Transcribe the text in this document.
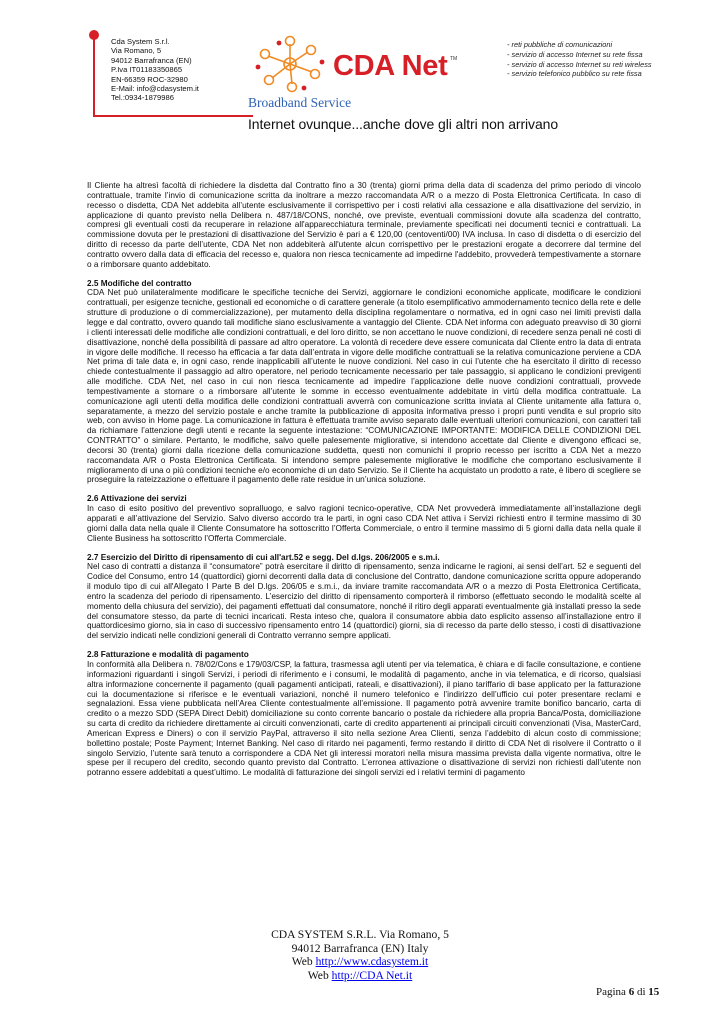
Cda System S.r.l.
Via Romano, 5
94012 Barrafranca (EN)
P.Iva IT01183350865
EN-66359 ROC-32980
E-Mail: info@cdasystem.it
Tel.:0934-1879986
CDA Net TM
Broadband Service
Internet ovunque...anche dove gli altri non arrivano
- reti pubbliche di comunicazioni
- servizio di accesso Internet su rete fissa
- servizio di accesso Internet su reti wireless
- servizio telefonico pubblico su rete fissa

Il Cliente ha altresì facoltà di richiedere la disdetta dal Contratto fino a 30 (trenta) giorni prima della data di scadenza del primo periodo di vincolo contrattuale, tramite l’invio di comunicazione scritta da inoltrare a mezzo raccomandata A/R o a mezzo di Posta Elettronica Certificata. In caso di recesso o disdetta, CDA Net addebita all’utente esclusivamente il corrispettivo per i costi relativi alla cessazione e alla disattivazione del servizio, in applicazione di quanto previsto nella Delibera n. 487/18/CONS, nonché, ove previste, eventuali commissioni dovute alla scadenza del contratto, compresi gli eventuali costi da recuperare in relazione all'apparecchiatura terminale, previamente specificati nei documenti tecnici e contrattuali. La commissione dovuta per le prestazioni di disattivazione del Servizio è pari a € 120,00 (centoventi/00) IVA inclusa. In caso di disdetta o di esercizio del diritto di recesso da parte dell’utente, CDA Net non addebiterà all'utente alcun corrispettivo per le prestazioni erogate a decorrere dal termine del contratto ovvero dalla data di efficacia del recesso e, qualora non riesca tecnicamente ad impedirne l'addebito, provvederà tempestivamente a stornare o a rimborsare quanto addebitato.

2.5 Modifiche del contratto

CDA Net può unilateralmente modificare le specifiche tecniche dei Servizi, aggiornare le condizioni economiche applicate, modificare le condizioni contrattuali, per esigenze tecniche, gestionali ed economiche o di carattere generale (a titolo esemplificativo ammodernamento tecnico della rete e delle strutture di produzione o di commercializzazione), per mutamento della disciplina regolamentare o normativa, ed in ogni caso nei limiti previsti dalla legge e dal contratto, ovvero quando tali modifiche siano esclusivamente a vantaggio del Cliente. CDA Net informa con adeguato preavviso di 30 giorni i clienti interessati delle modifiche alle condizioni contrattuali, e del loro diritto, se non accettano le nuove condizioni, di recedere senza penali né costi di disattivazione, nonché della possibilità di passare ad altro operatore. La volontà di recedere deve essere comunicata dal Cliente entro la data di entrata in vigore delle modifiche. Il recesso ha efficacia a far data dall’entrata in vigore delle modifiche contrattuali se la relativa comunicazione perviene a CDA Net prima di tale data e, in ogni caso, rende inapplicabili all’utente le nuove condizioni. Nel caso in cui l’utente che ha esercitato il diritto di recesso chiede contestualmente il passaggio ad altro operatore, nel periodo tecnicamente necessario per tale passaggio, si applicano le condizioni previgenti alle modifiche. CDA Net, nel caso in cui non riesca tecnicamente ad impedire l’applicazione delle nuove condizioni contrattuali, provvede tempestivamente a stornare o a rimborsare all’utente le somme in eccesso eventualmente addebitate in virtù della modifica contrattuale. La comunicazione agli utenti della modifica delle condizioni contrattuali avverrà con comunicazione scritta inviata al Cliente unitamente alla fattura o, separatamente, a mezzo del servizio postale e anche tramite la pubblicazione di apposita informativa presso i propri punti vendita e sul proprio sito web, con avviso in Home page. La comunicazione in fattura è effettuata tramite avviso separato dalle eventuali ulteriori comunicazioni, con caratteri tali da richiamare l’attenzione degli utenti e recante la seguente intestazione: “COMUNICAZIONE IMPORTANTE: MODIFICA DELLE CONDIZIONI DEL CONTRATTO” o similare. Pertanto, le modifiche, salvo quelle palesemente migliorative, si intendono accettate dal Cliente e divengono efficaci se, decorsi 30 (trenta) giorni dalla ricezione della comunicazione suddetta, questi non comunichi il proprio recesso per iscritto a CDA Net a mezzo raccomandata A/R o Posta Elettronica Certificata. Si intendono sempre palesemente migliorative le modifiche che comportano esclusivamente il miglioramento di una o più condizioni tecniche e/o economiche di un dato Servizio. Se il Cliente ha acquistato un prodotto a rate, è libero di scegliere se proseguire la rateizzazione o effettuare il pagamento delle rate residue in un’unica soluzione.

2.6 Attivazione dei servizi

In caso di esito positivo del preventivo sopralluogo, e salvo ragioni tecnico-operative, CDA Net provvederà immediatamente all’installazione degli apparati e all’attivazione del Servizio. Salvo diverso accordo tra le parti, in ogni caso CDA Net attiva i Servizi richiesti entro il termine massimo di 30 giorni dalla data nella quale il Cliente Consumatore ha sottoscritto l’Offerta Commerciale, o entro il termine massimo di 5 giorni dalla data nella quale il Cliente Business ha sottoscritto l’Offerta Commerciale.

2.7 Esercizio del Diritto di ripensamento di cui all'art.52 e segg. Del d.lgs. 206/2005 e s.m.i.

Nel caso di contratti a distanza il “consumatore” potrà esercitare il diritto di ripensamento, senza indicarne le ragioni, ai sensi dell’art. 52 e seguenti del Codice del Consumo, entro 14 (quattordici) giorni decorrenti dalla data di conclusione del Contratto, dandone comunicazione scritta oppure adoperando il modulo tipo di cui all'Allegato I Parte B del D.lgs. 206/05 e s.m.i., da inviare tramite raccomandata A/R o a mezzo di Posta Elettronica Certificata, entro la scadenza del periodo di ripensamento. L’esercizio del diritto di ripensamento comporterà il rimborso (effettuato secondo le modalità scelte al momento della chiusura del servizio), dei pagamenti effettuati dal consumatore, nonché il ritiro degli apparati eventualmente già installati presso la sede del consumatore stesso, da parte di tecnici incaricati. Resta inteso che, qualora il consumatore abbia dato esplicito assenso all’installazione entro il quattordicesimo giorno, sia in caso di successivo ripensamento entro 14 (quattordici) giorni, sia di recesso da parte dello stesso, i costi di disattivazione del servizio indicati nelle condizioni generali di Contratto verranno sempre applicati.

2.8 Fatturazione e modalità di pagamento

In conformità alla Delibera n. 78/02/Cons e 179/03/CSP, la fattura, trasmessa agli utenti per via telematica, è chiara e di facile consultazione, e contiene informazioni riguardanti i singoli Servizi, i periodi di riferimento e i consumi, le modalità di pagamento, anche in via telematica, e di ricorso, qualsiasi altra informazione concernente il pagamento (quali pagamenti anticipati, rateali, e disattivazioni), il piano tariffario di base applicato per la fatturazione cui la documentazione si riferisce e le eventuali variazioni, nonché il numero telefonico e l’indirizzo dell’ufficio cui poter presentare reclami e segnalazioni. Essa viene pubblicata nell’Area Cliente contestualmente all’emissione. Il pagamento potrà avvenire tramite bonifico bancario, carta di credito o a mezzo SDD (SEPA Direct Debit) domiciliazione su conto corrente bancario o postale da richiedere alla propria Banca/Posta, domiciliazione su carta di credito da richiedere direttamente ai circuiti convenzionati, carte di credito appartenenti ai principali circuiti convenzionati (Visa, MasterCard, American Express e Diners) o con il servizio PayPal, attraverso il sito nella sezione Area Clienti, senza l’addebito di alcun costo di commissione; bollettino postale; Poste Payment; Internet Banking. Nel caso di ritardo nei pagamenti, fermo restando il diritto di CDA Net di risolvere il Contratto o il singolo Servizio, l’utente sarà tenuto a corrispondere a CDA Net gli interessi moratori nella misura massima prevista dalla vigente normativa, oltre le spese per il recupero del credito, secondo quanto previsto dal Contratto. L’erronea attivazione o disattivazione di servizi non richiesti dall’utente non potranno essere addebitati a quest’ultimo. Le modalità di fatturazione dei singoli servizi ed i relativi termini di pagamento

CDA SYSTEM S.R.L. Via Romano, 5
94012 Barrafranca (EN) Italy
Web http://www.cdasystem.it
Web http://CDA Net.it
Pagina 6 di 15
